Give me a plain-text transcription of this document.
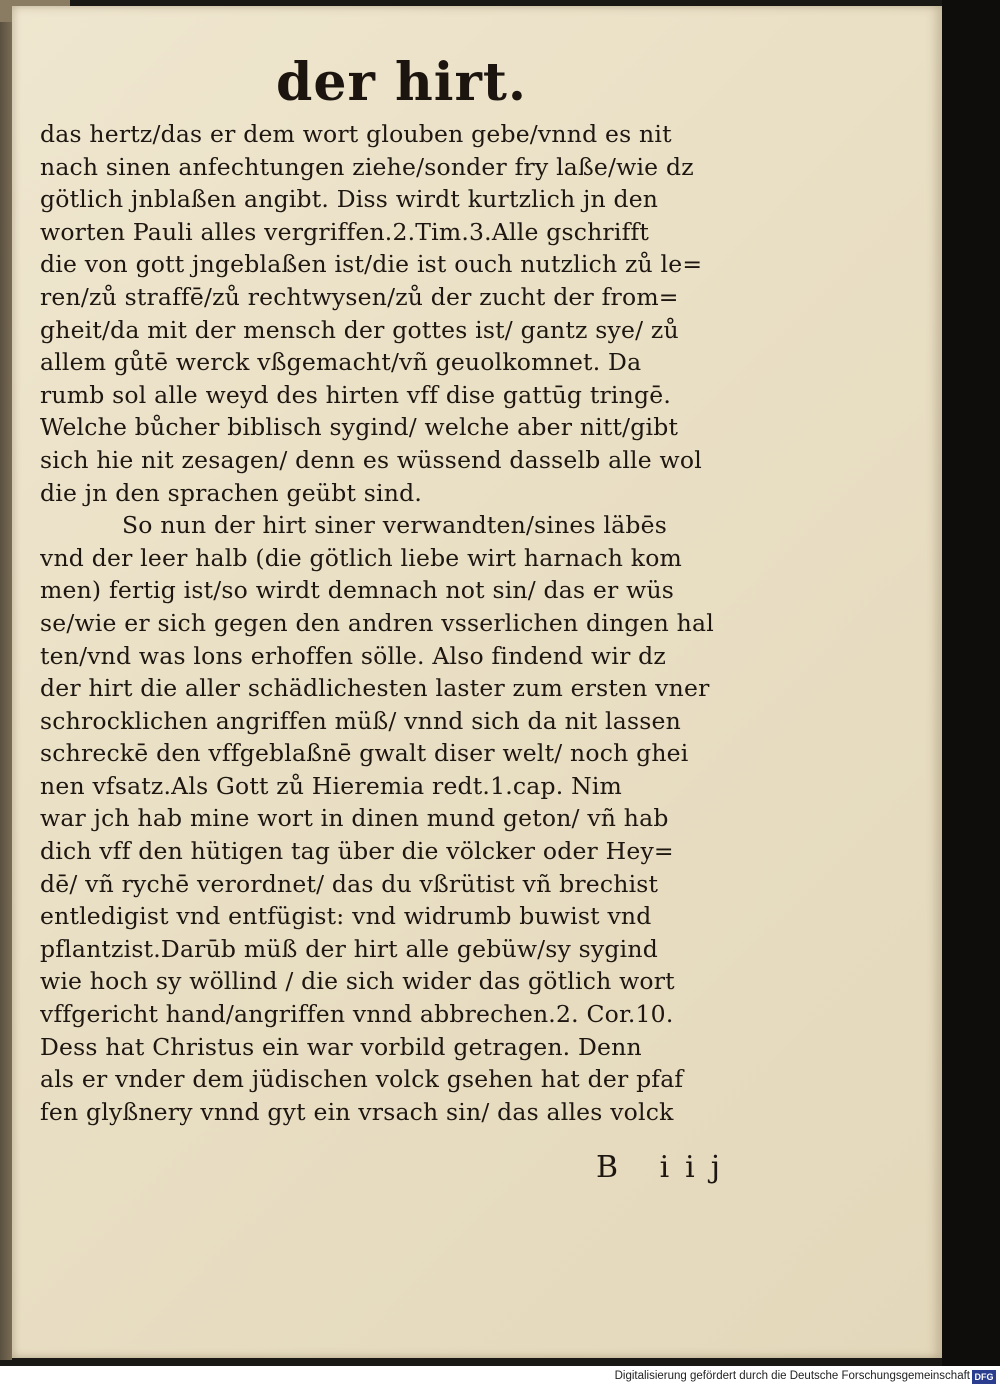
der hirt.
das hertz/das er dem wort glouben gebe/vnnd es nit
nach sinen anfechtungen ziehe/sonder fry laße/wie dz
götlich jnblaßen angibt. Diss wirdt kurtzlich jn den
worten Pauli alles vergriffen.2.Tim.3.Alle gschrifft
die von gott jngeblaßen ist/die ist ouch nutzlich zů le=
ren/zů straffē/zů rechtwysen/zů der zucht der from=
gheit/da mit der mensch der gottes ist/ gantz sye/ zů
allem gůtē werck vßgemacht/vñ geuolkomnet. Da
rumb sol alle weyd des hirten vff dise gattūg tringē.
Welche bůcher biblisch sygind/ welche aber nitt/gibt
sich hie nit zesagen/ denn es wüssend dasselb alle wol
die jn den sprachen geübt sind.
So nun der hirt siner verwandten/sines läbēs
vnd der leer halb (die götlich liebe wirt harnach kom
men) fertig ist/so wirdt demnach not sin/ das er wüs
se/wie er sich gegen den andren vsserlichen dingen hal
ten/vnd was lons erhoffen sölle. Also findend wir dz
der hirt die aller schädlichesten laster zum ersten vner
schrocklichen angriffen müß/ vnnd sich da nit lassen
schreckē den vffgeblaßnē gwalt diser welt/ noch ghei
nen vfsatz.Als Gott zů Hieremia redt.1.cap. Nim
war jch hab mine wort in dinen mund geton/ vñ hab
dich vff den hütigen tag über die völcker oder Hey=
dē/ vñ rychē verordnet/ das du vßrütist vñ brechist
entledigist vnd entfügist: vnd widrumb buwist vnd
pflantzist.Darūb müß der hirt alle gebüw/sy sygind
wie hoch sy wöllind / die sich wider das götlich wort
vffgericht hand/angriffen vnnd abbrechen.2. Cor.10.
Dess hat Christus ein war vorbild getragen. Denn
als er vnder dem jüdischen volck gsehen hat der pfaf
fen glyßnery vnnd gyt ein vrsach sin/ das alles volck
B iij
Digitalisierung gefördert durch die Deutsche Forschungsgemeinschaft DFG
